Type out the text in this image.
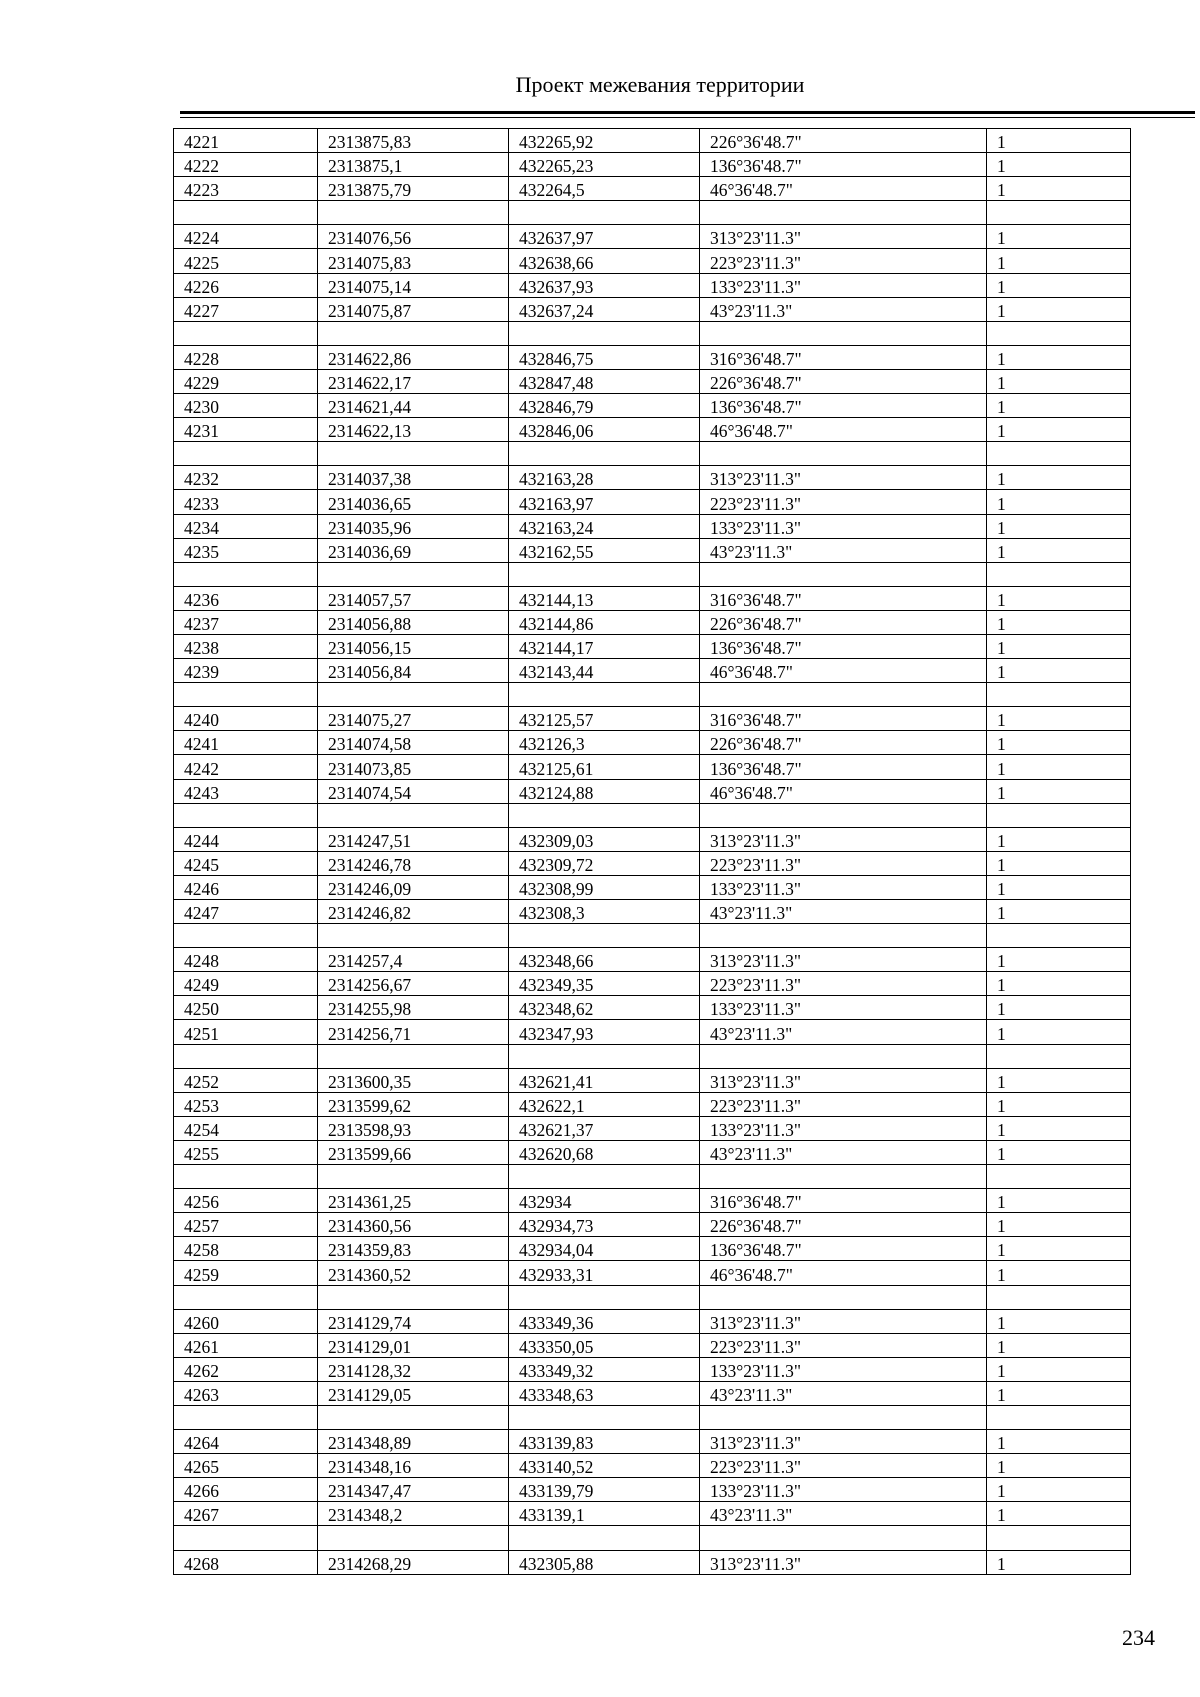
Проект межевания территории
4221	2313875,83	432265,92	226°36'48.7"	1
4222	2313875,1	432265,23	136°36'48.7"	1
4223	2313875,79	432264,5	46°36'48.7"	1

4224	2314076,56	432637,97	313°23'11.3"	1
4225	2314075,83	432638,66	223°23'11.3"	1
4226	2314075,14	432637,93	133°23'11.3"	1
4227	2314075,87	432637,24	43°23'11.3"	1

4228	2314622,86	432846,75	316°36'48.7"	1
4229	2314622,17	432847,48	226°36'48.7"	1
4230	2314621,44	432846,79	136°36'48.7"	1
4231	2314622,13	432846,06	46°36'48.7"	1

4232	2314037,38	432163,28	313°23'11.3"	1
4233	2314036,65	432163,97	223°23'11.3"	1
4234	2314035,96	432163,24	133°23'11.3"	1
4235	2314036,69	432162,55	43°23'11.3"	1

4236	2314057,57	432144,13	316°36'48.7"	1
4237	2314056,88	432144,86	226°36'48.7"	1
4238	2314056,15	432144,17	136°36'48.7"	1
4239	2314056,84	432143,44	46°36'48.7"	1

4240	2314075,27	432125,57	316°36'48.7"	1
4241	2314074,58	432126,3	226°36'48.7"	1
4242	2314073,85	432125,61	136°36'48.7"	1
4243	2314074,54	432124,88	46°36'48.7"	1

4244	2314247,51	432309,03	313°23'11.3"	1
4245	2314246,78	432309,72	223°23'11.3"	1
4246	2314246,09	432308,99	133°23'11.3"	1
4247	2314246,82	432308,3	43°23'11.3"	1

4248	2314257,4	432348,66	313°23'11.3"	1
4249	2314256,67	432349,35	223°23'11.3"	1
4250	2314255,98	432348,62	133°23'11.3"	1
4251	2314256,71	432347,93	43°23'11.3"	1

4252	2313600,35	432621,41	313°23'11.3"	1
4253	2313599,62	432622,1	223°23'11.3"	1
4254	2313598,93	432621,37	133°23'11.3"	1
4255	2313599,66	432620,68	43°23'11.3"	1

4256	2314361,25	432934	316°36'48.7"	1
4257	2314360,56	432934,73	226°36'48.7"	1
4258	2314359,83	432934,04	136°36'48.7"	1
4259	2314360,52	432933,31	46°36'48.7"	1

4260	2314129,74	433349,36	313°23'11.3"	1
4261	2314129,01	433350,05	223°23'11.3"	1
4262	2314128,32	433349,32	133°23'11.3"	1
4263	2314129,05	433348,63	43°23'11.3"	1

4264	2314348,89	433139,83	313°23'11.3"	1
4265	2314348,16	433140,52	223°23'11.3"	1
4266	2314347,47	433139,79	133°23'11.3"	1
4267	2314348,2	433139,1	43°23'11.3"	1

4268	2314268,29	432305,88	313°23'11.3"	1
234
